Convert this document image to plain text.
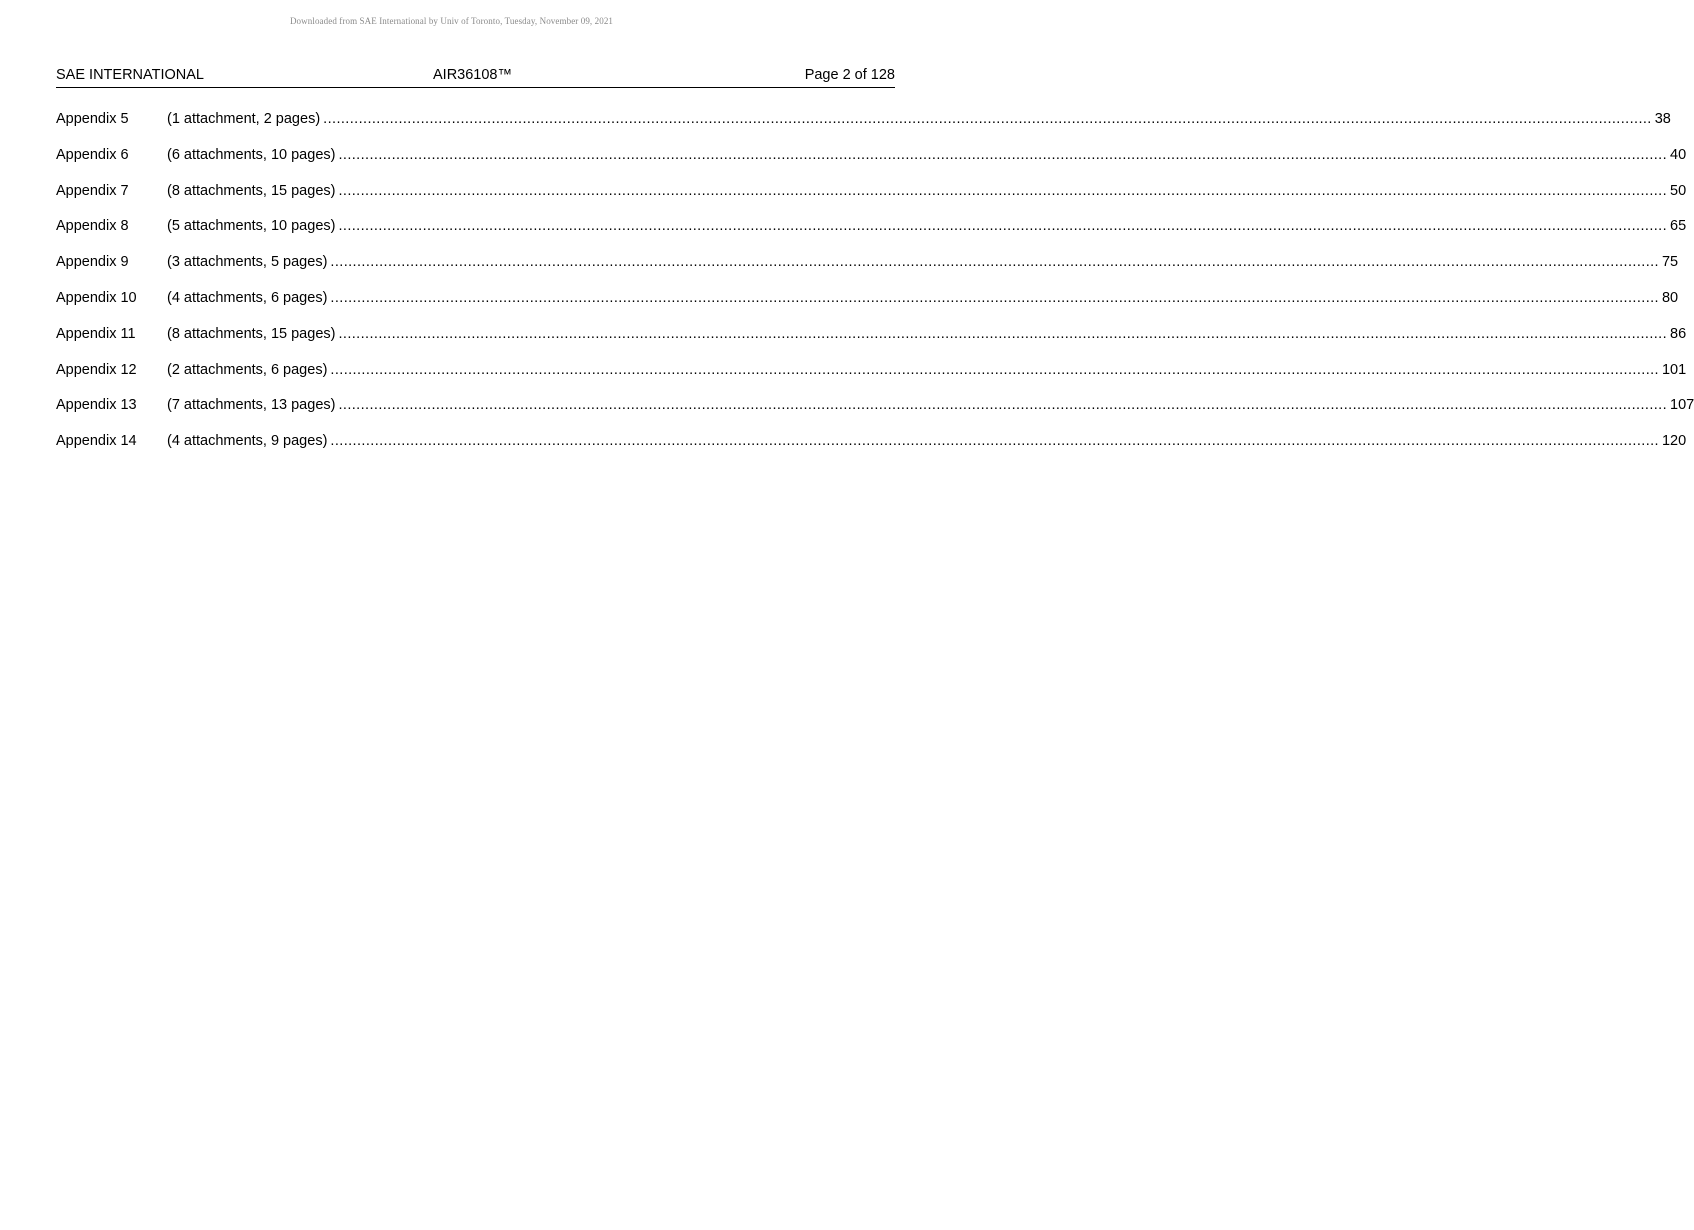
Downloaded from SAE International by Univ of Toronto, Tuesday, November 09, 2021
SAE INTERNATIONAL	AIR36108™	Page 2 of 128
Appendix 5	(1 attachment, 2 pages) ............................................................................................................................................................................................................................................................................................................ 38
Appendix 6	(6 attachments, 10 pages) ............................................................................................................................................................................................................................................................................................................ 40
Appendix 7	(8 attachments, 15 pages) ............................................................................................................................................................................................................................................................................................................ 50
Appendix 8	(5 attachments, 10 pages) ............................................................................................................................................................................................................................................................................................................ 65
Appendix 9	(3 attachments, 5 pages) ............................................................................................................................................................................................................................................................................................................ 75
Appendix 10	(4 attachments, 6 pages) ............................................................................................................................................................................................................................................................................................................ 80
Appendix 11	(8 attachments, 15 pages) ............................................................................................................................................................................................................................................................................................................ 86
Appendix 12	(2 attachments, 6 pages) ............................................................................................................................................................................................................................................................................................................ 101
Appendix 13	(7 attachments, 13 pages) ............................................................................................................................................................................................................................................................................................................ 107
Appendix 14	(4 attachments, 9 pages) ............................................................................................................................................................................................................................................................................................................ 120
